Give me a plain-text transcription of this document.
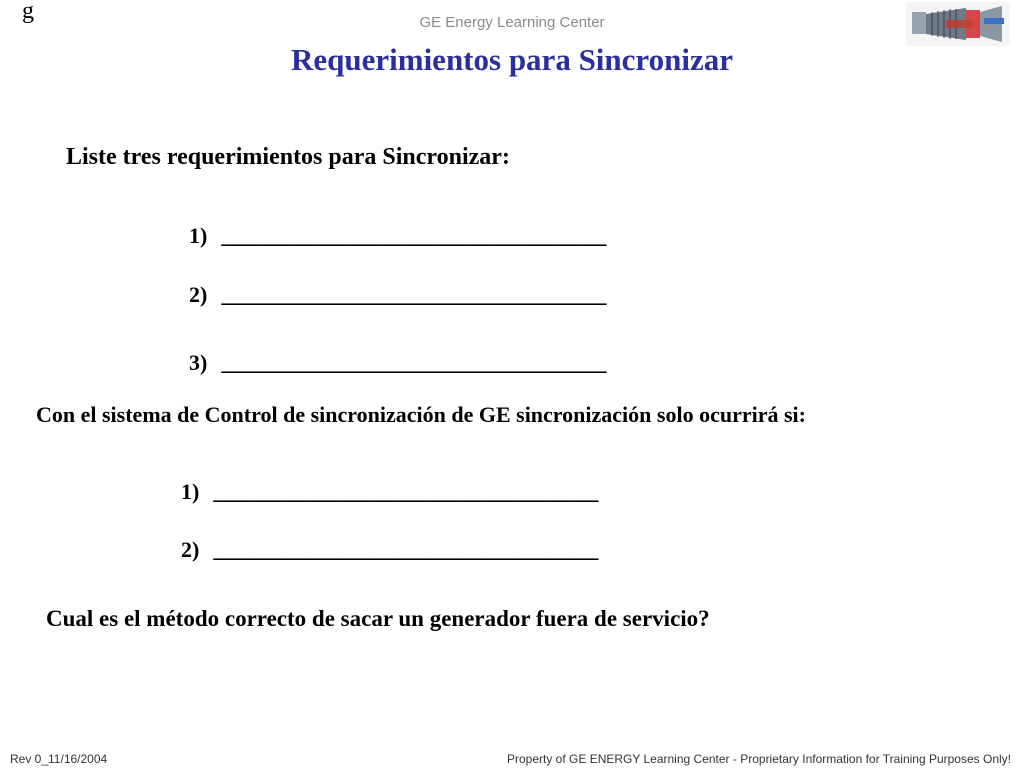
g	GE Energy Learning Center
Requerimientos para Sincronizar
Liste tres requerimientos para Sincronizar:
1) ___________________________________
2) ___________________________________
3) ___________________________________
Con el sistema de Control de sincronización de GE sincronización solo ocurrirá si:
1) ___________________________________
2) ___________________________________
Cual es el método correcto de sacar un generador fuera de servicio?
Rev 0_11/16/2004	Property of GE ENERGY Learning Center - Proprietary Information for Training Purposes Only!
